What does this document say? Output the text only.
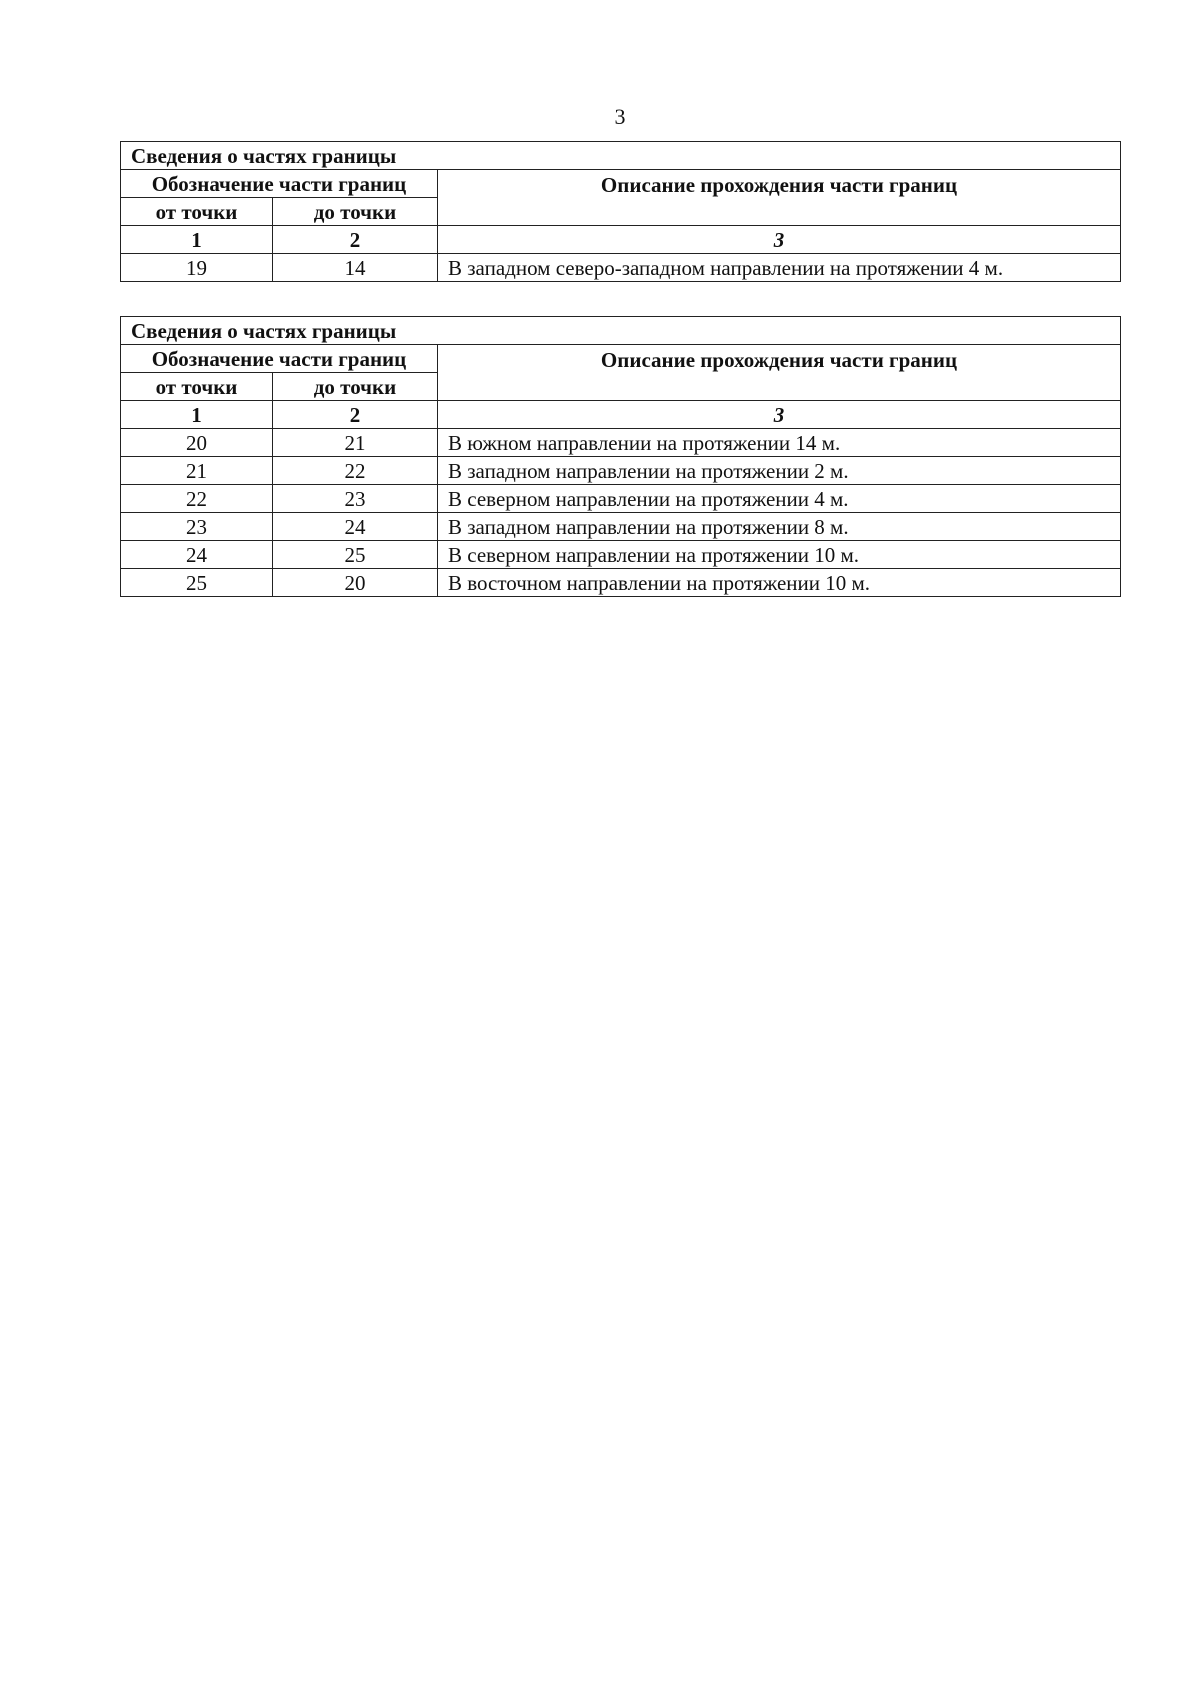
3
Сведения о частях границы		
Обозначение части границ		Описание прохождения части границ
от точки	до точки	
1	2	3
19	14	В западном северо-западном направлении на протяжении 4 м.
Сведения о частях границы		
Обозначение части границ		Описание прохождения части границ
от точки	до точки	
1	2	3
20	21	В южном направлении на протяжении 14 м.
21	22	В западном направлении на протяжении 2 м.
22	23	В северном направлении на протяжении 4 м.
23	24	В западном направлении на протяжении 8 м.
24	25	В северном направлении на протяжении 10 м.
25	20	В восточном направлении на протяжении 10 м.
